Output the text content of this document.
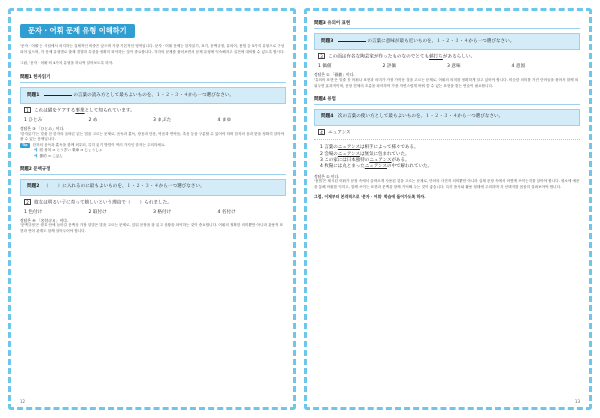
문자 · 어휘 문제 유형 이해하기
'문자 · 어휘'는 시험에서 차지하는 실제적인 비중은 낮으며 가장 기본적인 영역입니다. 문자 · 어휘 문제는 한자읽기, 표기, 문맥규정, 유의어, 용법 등 5가지 유형으로 구성되어 있으며, 각 문제 유형별로 출제 경향과 특징을 정확히 파악하는 것이 중요합니다. 각각의 문제를 풀어보면서 문제 유형에 익숙해지고 실전에 대비할 수 있도록 합시다.
그럼, '문자 · 어휘'의 4가지 유형을 하나씩 알아보도록 하자.
問題1 한자읽기
問題1	の言葉の読み方として最もよいものを、１・２・３・４から一つ選びなさい。
1 これは猫をケアする事業として知られています。
1 ひとみ	2 め	3 まぶた	4 まゆ
정답은 ③ 「ひとみ」이다.
'한자읽기'는 밑줄 친 한자의 올바른 읽는 법을 고르는 문제로, 음독과 훈독, 장음과 단음, 탁음과 반탁음, 촉음 등을 구분할 수 있어야 하며 한자의 음과 뜻을 정확히 알아야 풀 수 있는 문제입니다.
Tip	한자의 음독과 훈독을 함께 외우되, 특히 읽기 방법이 여러 가지인 한자는 주의하세요.
예 回 왕복 ⇒ とうぎい 乗車 ⇒ じょうしゃ
예 節約 ⇒ こばん
問題2 문맥규정
問題2 （　　）に入れるのに最もよいものを、１・２・３・４から一つ選びなさい。
2 彼女は明るい子に育って嬉しいという理由で（　　）られました。
1 色付け	2 取付け	3 格付け	4 名付け
정답은 ④ 「名付ける」이다.
'문맥규정'은 괄호 안에 들어갈 문맥상 가장 알맞은 말을 고르는 문제로, 앞뒤 문장을 잘 읽고 상황을 파악하는 것이 중요합니다. 어휘의 정확한 의미뿐만 아니라 관용적 표현과 연어 관계도 함께 알아두어야 합니다.
12
問題3 유의어 표현
問題3	の言葉に意味が最も近いものを、１・２・３・４から一つ選びなさい。
3 この面は有名な陶芸家が作ったものなのでとても値打ちがあるらしい。
1 価値	2 評価	3 意味	4 意図
정답은 ① 「価値」이다.
'유의어 표현'은 밑줄 친 어휘나 표현과 의미가 가장 가까운 것을 고르는 문제로, 어휘의 의미를 정확하게 알고 있어야 합니다. 비슷한 의미를 가진 단어들을 묶어서 함께 외워두면 효과적이며, 문장 전체의 흐름을 파악하여 가장 자연스럽게 바꿔 쓸 수 있는 표현을 찾는 연습이 필요합니다.
問題4 용법
問題4 次の言葉の使い方として最もよいものを、１・２・３・４から一つ選びなさい。
4 ニュアンス
1 言葉のニュアンスは相手によって様々である。
2 会場のニュアンスは無気に包まれていた。
3 この家には日本独特のニュアンスがある。
4 枚陽には丸とまったニュアンスの中で解われていた。
정답은 ① 이다.
'용법'은 제시된 어휘가 문장 속에서 올바르게 사용된 것을 고르는 문제로, 단어의 사전적 의미뿐만 아니라 실제 문장 속에서 어떻게 쓰이는지를 알아야 합니다. 평소에 예문을 통해 어휘를 익히고, 함께 쓰이는 표현과 문맥을 함께 기억해 두는 것이 좋습니다. 특히 품사와 활용 형태에 주의하며 각 선택지를 꼼꼼히 살펴보아야 합니다.
그럼, 이제부터 본격적으로 '문자 · 어휘' 학습에 들어가도록 하자.
13
